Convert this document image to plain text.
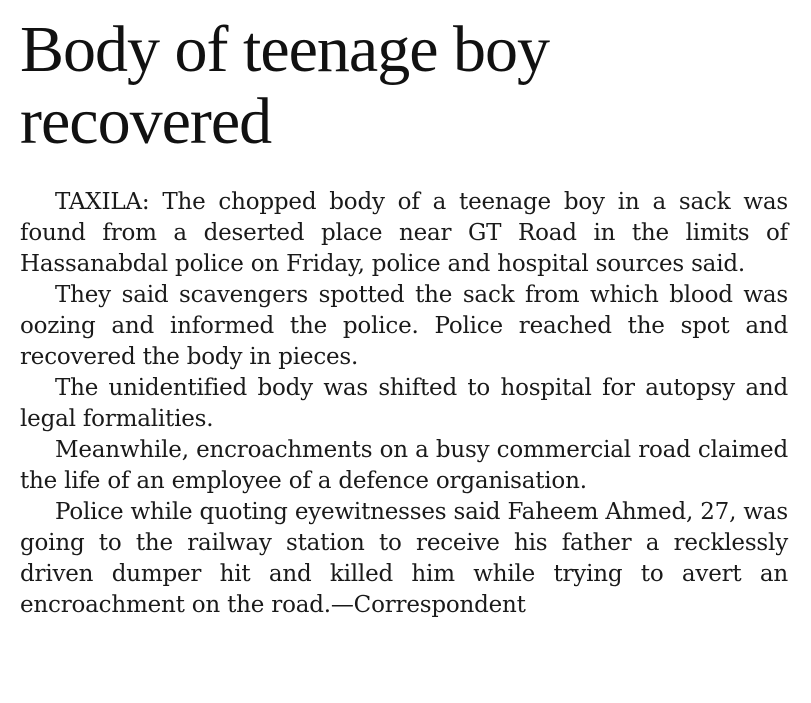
Body of teenage boy recovered

TAXILA: The chopped body of a teenage boy in a sack was found from a deserted place near GT Road in the limits of Hassanabdal police on Friday, police and hospital sources said.

They said scavengers spotted the sack from which blood was oozing and informed the police. Police reached the spot and recovered the body in pieces.

The unidentified body was shifted to hospital for autopsy and legal formalities.

Meanwhile, encroachments on a busy commercial road claimed the life of an employee of a defence organisation.

Police while quoting eyewitnesses said Faheem Ahmed, 27, was going to the railway station to receive his father a recklessly driven dumper hit and killed him while trying to avert an encroachment on the road.—Correspondent
